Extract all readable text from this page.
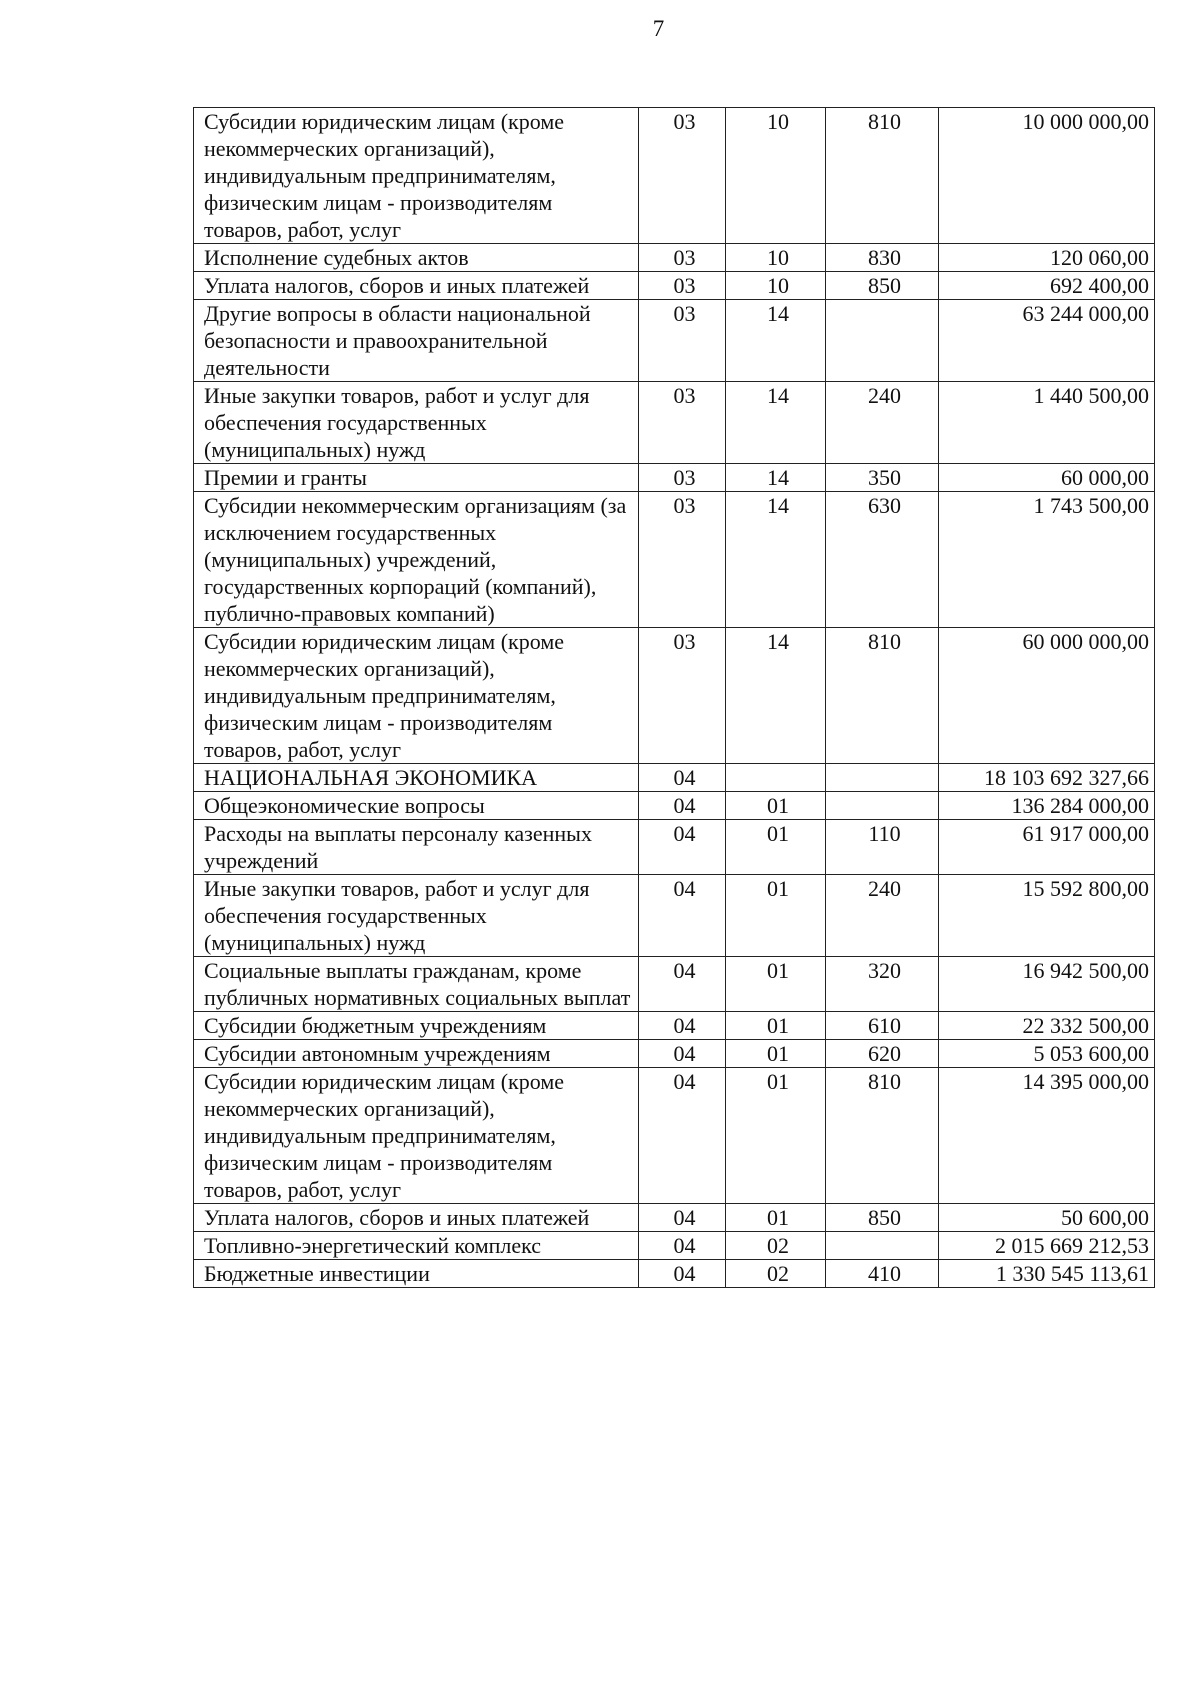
7
Субсидии юридическим лицам (кроме некоммерческих организаций), индивидуальным предпринимателям, физическим лицам - производителям товаров, работ, услуг	03	10	810	10 000 000,00
Исполнение судебных актов	03	10	830	120 060,00
Уплата налогов, сборов и иных платежей	03	10	850	692 400,00
Другие вопросы в области национальной безопасности и правоохранительной деятельности	03	14		63 244 000,00
Иные закупки товаров, работ и услуг для обеспечения государственных (муниципальных) нужд	03	14	240	1 440 500,00
Премии и гранты	03	14	350	60 000,00
Субсидии некоммерческим организациям (за исключением государственных (муниципальных) учреждений, государственных корпораций (компаний), публично-правовых компаний)	03	14	630	1 743 500,00
Субсидии юридическим лицам (кроме некоммерческих организаций), индивидуальным предпринимателям, физическим лицам - производителям товаров, работ, услуг	03	14	810	60 000 000,00
НАЦИОНАЛЬНАЯ ЭКОНОМИКА	04			18 103 692 327,66
Общеэкономические вопросы	04	01		136 284 000,00
Расходы на выплаты персоналу казенных учреждений	04	01	110	61 917 000,00
Иные закупки товаров, работ и услуг для обеспечения государственных (муниципальных) нужд	04	01	240	15 592 800,00
Социальные выплаты гражданам, кроме публичных нормативных социальных выплат	04	01	320	16 942 500,00
Субсидии бюджетным учреждениям	04	01	610	22 332 500,00
Субсидии автономным учреждениям	04	01	620	5 053 600,00
Субсидии юридическим лицам (кроме некоммерческих организаций), индивидуальным предпринимателям, физическим лицам - производителям товаров, работ, услуг	04	01	810	14 395 000,00
Уплата налогов, сборов и иных платежей	04	01	850	50 600,00
Топливно-энергетический комплекс	04	02		2 015 669 212,53
Бюджетные инвестиции	04	02	410	1 330 545 113,61
